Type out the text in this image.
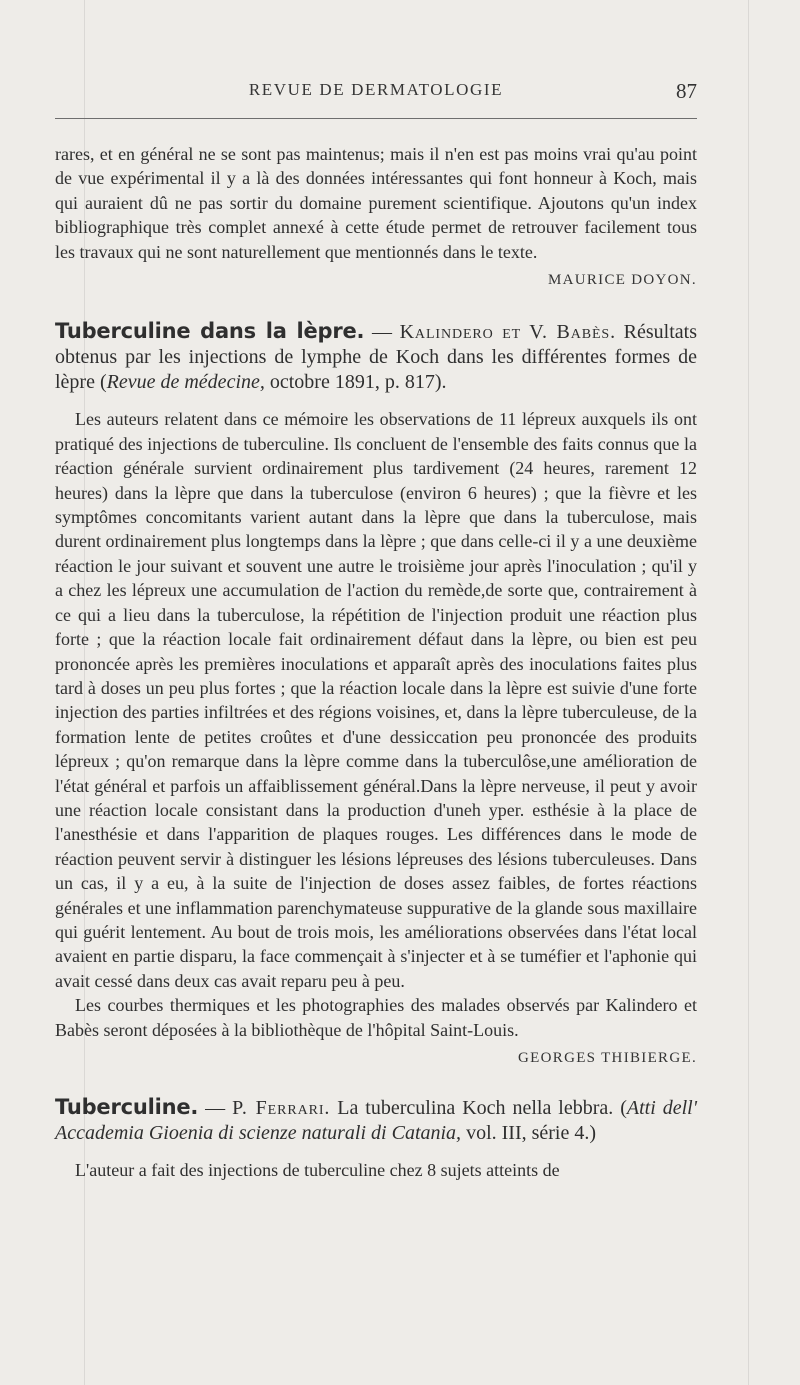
REVUE DE DERMATOLOGIE	87

rares, et en général ne se sont pas maintenus; mais il n'en est pas moins vrai qu'au point de vue expérimental il y a là des données intéressantes qui font honneur à Koch, mais qui auraient dû ne pas sortir du domaine purement scientifique. Ajoutons qu'un index bibliographique très complet annexé à cette étude permet de retrouver facilement tous les travaux qui ne sont naturellement que mentionnés dans le texte.

MAURICE DOYON.
Tuberculine dans la lèpre. — Kalindero et V. Babès. Résultats obtenus par les injections de lymphe de Koch dans les différentes formes de lèpre (Revue de médecine, octobre 1891, p. 817).

Les auteurs relatent dans ce mémoire les observations de 11 lépreux auxquels ils ont pratiqué des injections de tuberculine. Ils concluent de l'ensemble des faits connus que la réaction générale survient ordinairement plus tardivement (24 heures, rarement 12 heures) dans la lèpre que dans la tuberculose (environ 6 heures) ; que la fièvre et les symptômes concomitants varient autant dans la lèpre que dans la tuberculose, mais durent ordinairement plus longtemps dans la lèpre ; que dans celle-ci il y a une deuxième réaction le jour suivant et souvent une autre le troisième jour après l'inoculation ; qu'il y a chez les lépreux une accumulation de l'action du remède,de sorte que, contrairement à ce qui a lieu dans la tuberculose, la répétition de l'injection produit une réaction plus forte ; que la réaction locale fait ordinairement défaut dans la lèpre, ou bien est peu prononcée après les premières inoculations et apparaît après des inoculations faites plus tard à doses un peu plus fortes ; que la réaction locale dans la lèpre est suivie d'une forte injection des parties infiltrées et des régions voisines, et, dans la lèpre tuberculeuse, de la formation lente de petites croûtes et d'une dessiccation peu prononcée des produits lépreux ; qu'on remarque dans la lèpre comme dans la tuberculôse,une amélioration de l'état général et parfois un affaiblissement général.Dans la lèpre nerveuse, il peut y avoir une réaction locale consistant dans la production d'uneh yper. esthésie à la place de l'anesthésie et dans l'apparition de plaques rouges. Les différences dans le mode de réaction peuvent servir à distinguer les lésions lépreuses des lésions tuberculeuses. Dans un cas, il y a eu, à la suite de l'injection de doses assez faibles, de fortes réactions générales et une inflammation parenchymateuse suppurative de la glande sous maxillaire qui guérit lentement. Au bout de trois mois, les améliorations observées dans l'état local avaient en partie disparu, la face commençait à s'injecter et à se tuméfier et l'aphonie qui avait cessé dans deux cas avait reparu peu à peu.

Les courbes thermiques et les photographies des malades observés par Kalindero et Babès seront déposées à la bibliothèque de l'hôpital Saint-Louis.

GEORGES THIBIERGE.
Tuberculine. — P. Ferrari. La tuberculina Koch nella lebbra. (Atti dell' Accademia Gioenia di scienze naturali di Catania, vol. III, série 4.)

L'auteur a fait des injections de tuberculine chez 8 sujets atteints de
